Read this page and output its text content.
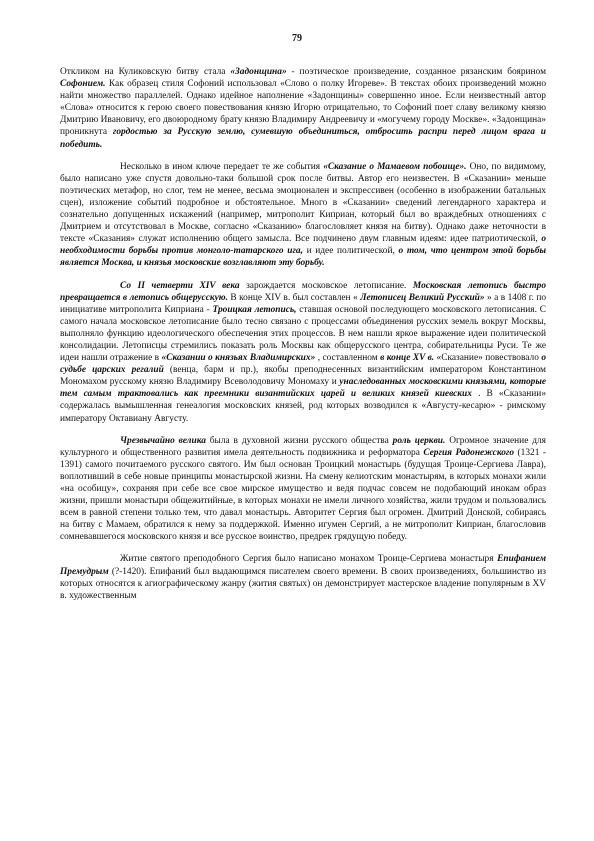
79

Откликом на Куликовскую битву стала «Задонщина» - поэтическое произведение, созданное рязанским боярином Софонием. Как образец стиля Софоний использовал «Слово о полку Игореве». В текстах обоих произведений можно найти множество параллелей. Однако идейное наполнение «Задонщины» совершенно иное. Если неизвестный автор «Слова» относится к герою своего повествования князю Игорю отрицательно, то Софоний поет славу великому князю Дмитрию Ивановичу, его двоюродному брату князю Владимиру Андреевичу и «могучему городу Москве». «Задонщина» проникнута гордостью за Русскую землю, сумевшую объединиться, отбросить распри перед лицом врага и победить.

Несколько в ином ключе передает те же события «Сказание о Мамаевом побоище». Оно, по видимому, было написано уже спустя довольно-таки большой срок после битвы. Автор его неизвестен. В «Сказании» меньше поэтических метафор, но слог, тем не менее, весьма эмоционален и экспрессивен (особенно в изображении батальных сцен), изложение событий подробное и обстоятельное. Много в «Сказании» сведений легендарного характера и сознательно допущенных искажений (например, митрополит Киприан, который был во враждебных отношениях с Дмитрием и отсутствовал в Москве, согласно «Сказанию» благословляет князя на битву). Однако даже неточности в тексте «Сказания» служат исполнению общего замысла. Все подчинено двум главным идеям: идее патриотической, о необходимости борьбы против монголо-татарского ига, и идее политической, о том, что центром этой борьбы является Москва, и князья московские возглавляют эту борьбу.

Со II четверти XIV века зарождается московское летописание. Московская летопись быстро превращается в летопись общерусскую. В конце XIV в. был составлен « Летописец Великий Русский» » а в 1408 г. по инициативе митрополита Киприана - Троицкая летопись, ставшая основой последующего московского летописания. С самого начала московское летописание было тесно связано с процессами объединения русских земель вокруг Москвы, выполняло функцию идеологического обеспечения этих процессов. В нем нашли яркое выражение идеи политической консолидации. Летописцы стремились показать роль Москвы как общерусского центра, собирательницы Руси. Те же идеи нашли отражение в «Сказании о князьях Владимирских» , составленном в конце XV в. «Сказание» повествовало о судьбе царских регалий (венца, барм и пр.), якобы преподнесенных византийским императором Константином Мономахом русскому князю Владимиру Всеволодовичу Мономаху и унаследованных московскими князьями, которые тем самым трактовались как преемники византийских царей и великих князей киевских . В «Сказании» содержалась вымышленная генеалогия московских князей, род которых возводился к «Августу-кесарю» - римскому императору Октавиану Августу.

Чрезвычайно велика была в духовной жизни русского общества роль церкви. Огромное значение для культурного и общественного развития имела деятельность подвижника и реформатора Сергия Радонежского (1321 - 1391) самого почитаемого русского святого. Им был основан Троицкий монастырь (будущая Троице-Сергиева Лавра), воплотивший в себе новые принципы монастырской жизни. На смену келиотским монастырям, в которых монахи жили «на особицу», сохраняя при себе все свое мирское имущество и ведя подчас совсем не подобающий инокам образ жизни, пришли монастыри общежитийные, в которых монахи не имели личного хозяйства, жили трудом и пользовались всем в равной степени только тем, что давал монастырь. Авторитет Сергия был огромен. Дмитрий Донской, собираясь на битву с Мамаем, обратился к нему за поддержкой. Именно игумен Сергий, а не митрополит Киприан, благословив сомневавшегося московского князя и все русское воинство, предрек грядущую победу.

Житие святого преподобного Сергия было написано монахом Троице-Сергиева монастыря Епифанием Премудрым (?-1420). Епифаний был выдающимся писателем своего времени. В своих произведениях, большинство из которых относятся к агиографическому жанру (жития святых) он демонстрирует мастерское владение популярным в XV в. художественным
